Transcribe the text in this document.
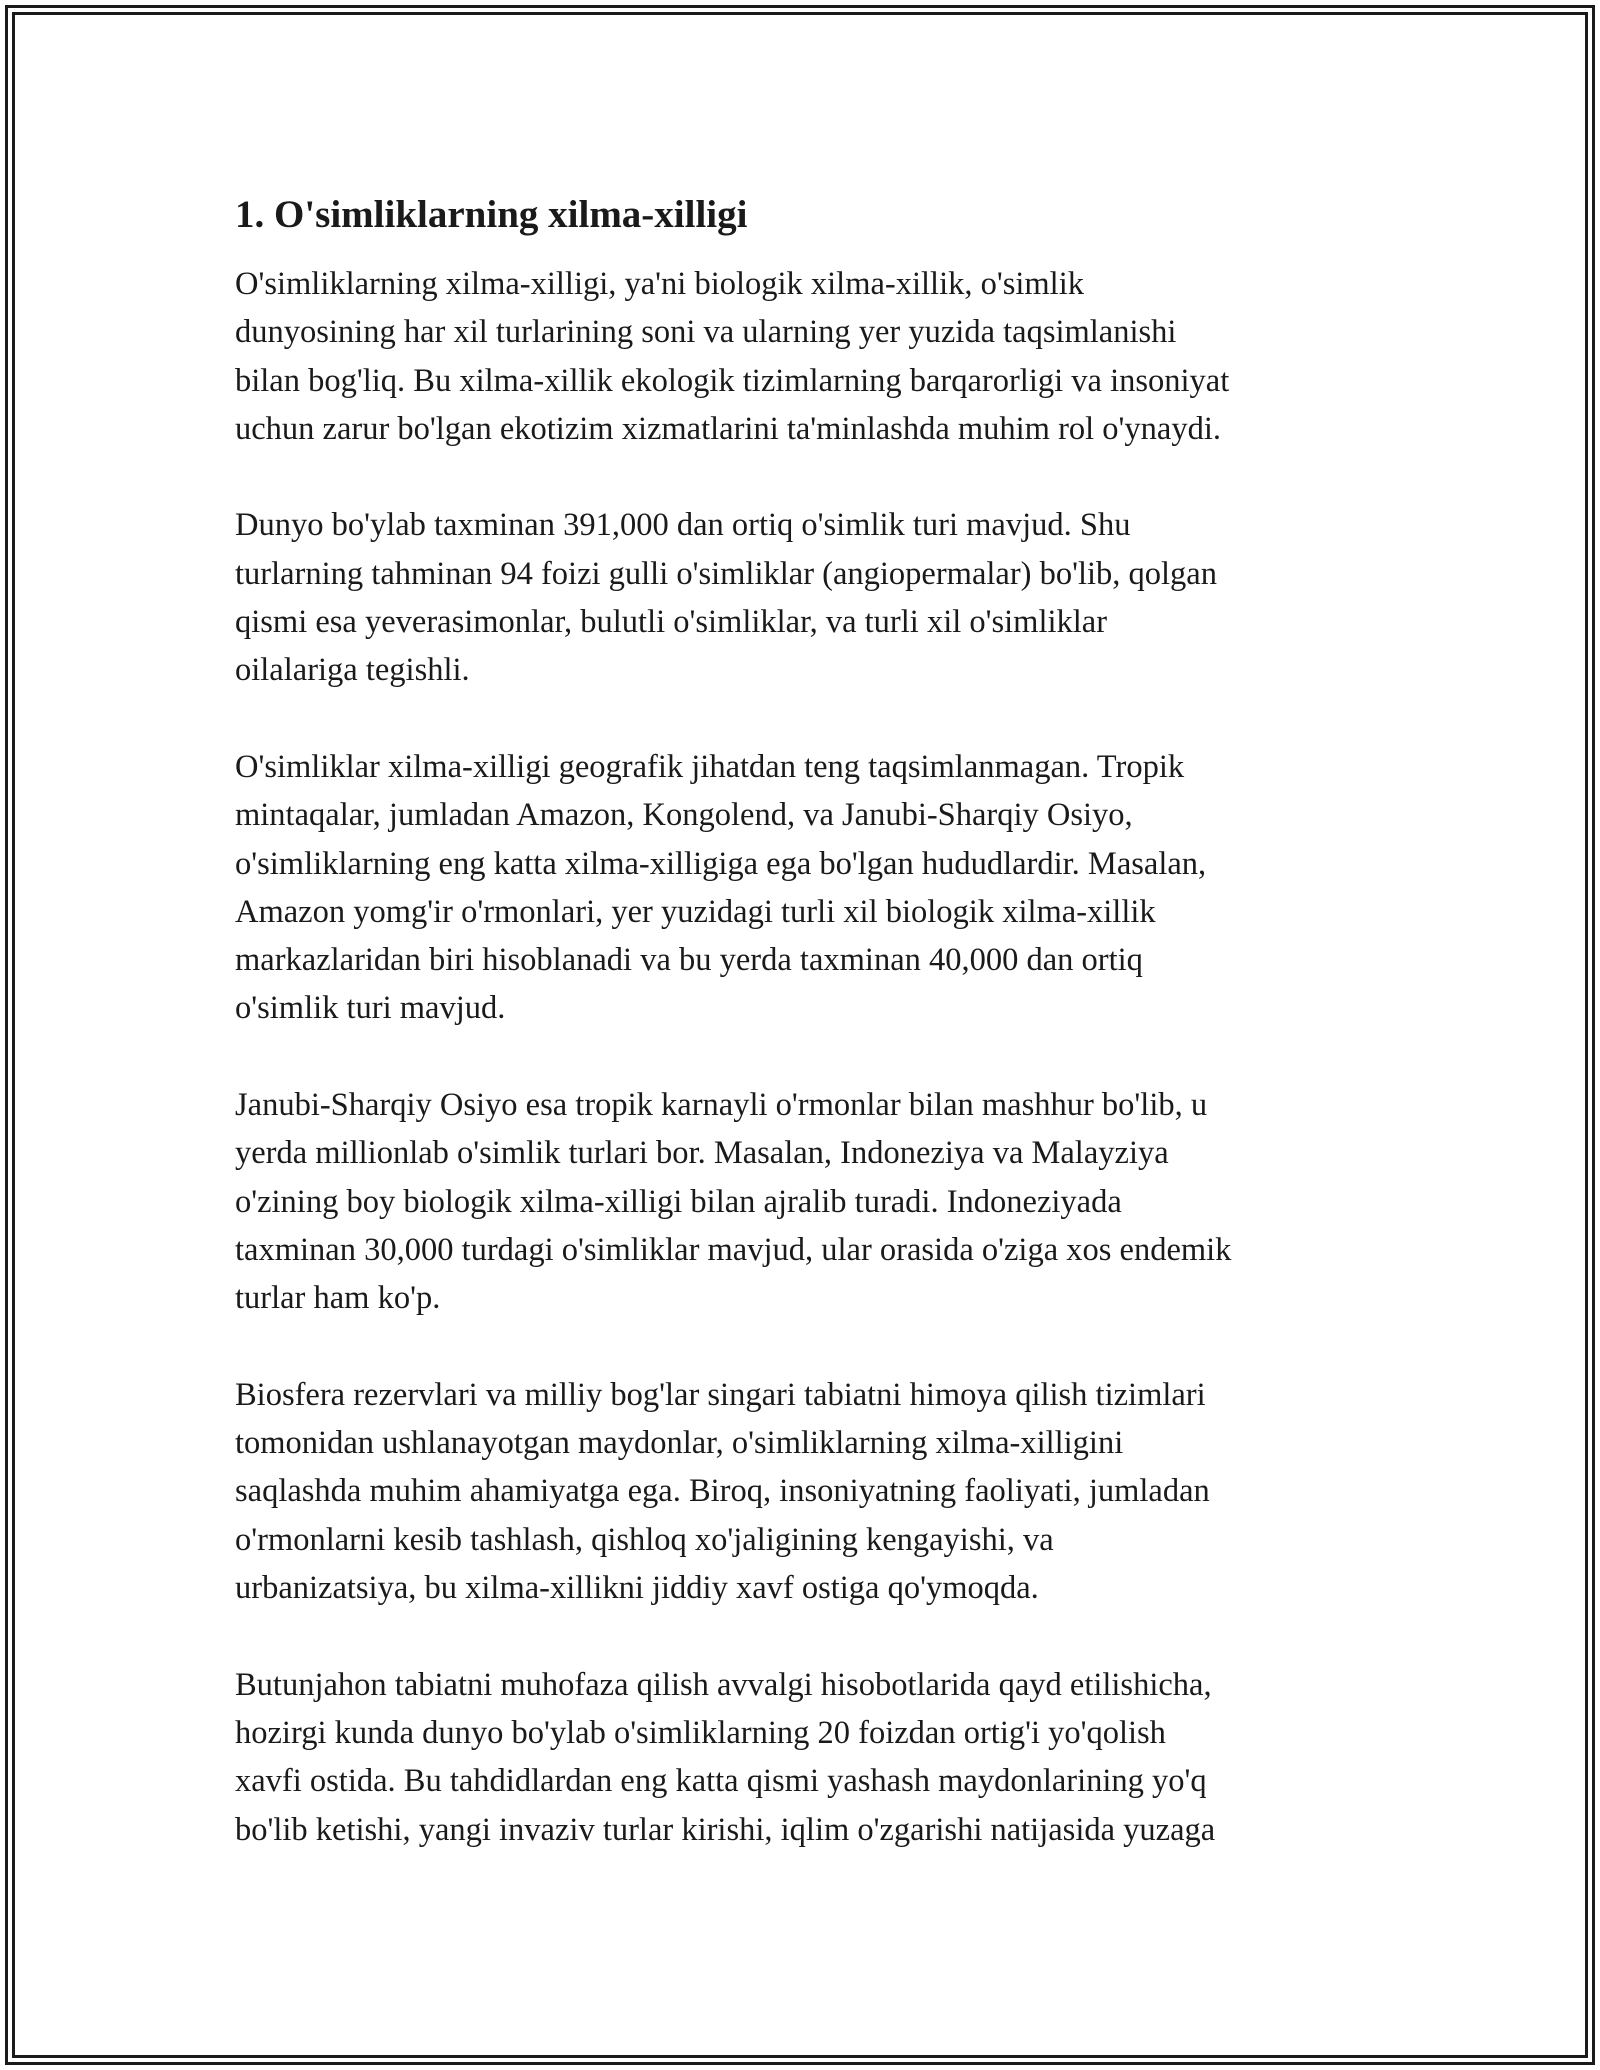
1. O'simliklarning xilma-xilligi

O'simliklarning xilma-xilligi, ya'ni biologik xilma-xillik, o'simlik
dunyosining har xil turlarining soni va ularning yer yuzida taqsimlanishi
bilan bog'liq. Bu xilma-xillik ekologik tizimlarning barqarorligi va insoniyat
uchun zarur bo'lgan ekotizim xizmatlarini ta'minlashda muhim rol o'ynaydi.

Dunyo bo'ylab taxminan 391,000 dan ortiq o'simlik turi mavjud. Shu
turlarning tahminan 94 foizi gulli o'simliklar (angiopermalar) bo'lib, qolgan
qismi esa yeverasimonlar, bulutli o'simliklar, va turli xil o'simliklar
oilalariga tegishli.

O'simliklar xilma-xilligi geografik jihatdan teng taqsimlanmagan. Tropik
mintaqalar, jumladan Amazon, Kongolend, va Janubi-Sharqiy Osiyo,
o'simliklarning eng katta xilma-xilligiga ega bo'lgan hududlardir. Masalan,
Amazon yomg'ir o'rmonlari, yer yuzidagi turli xil biologik xilma-xillik
markazlaridan biri hisoblanadi va bu yerda taxminan 40,000 dan ortiq
o'simlik turi mavjud.

Janubi-Sharqiy Osiyo esa tropik karnayli o'rmonlar bilan mashhur bo'lib, u
yerda millionlab o'simlik turlari bor. Masalan, Indoneziya va Malayziya
o'zining boy biologik xilma-xilligi bilan ajralib turadi. Indoneziyada
taxminan 30,000 turdagi o'simliklar mavjud, ular orasida o'ziga xos endemik
turlar ham ko'p.

Biosfera rezervlari va milliy bog'lar singari tabiatni himoya qilish tizimlari
tomonidan ushlanayotgan maydonlar, o'simliklarning xilma-xilligini
saqlashda muhim ahamiyatga ega. Biroq, insoniyatning faoliyati, jumladan
o'rmonlarni kesib tashlash, qishloq xo'jaligining kengayishi, va
urbanizatsiya, bu xilma-xillikni jiddiy xavf ostiga qo'ymoqda.

Butunjahon tabiatni muhofaza qilish avvalgi hisobotlarida qayd etilishicha,
hozirgi kunda dunyo bo'ylab o'simliklarning 20 foizdan ortig'i yo'qolish
xavfi ostida. Bu tahdidlardan eng katta qismi yashash maydonlarining yo'q
bo'lib ketishi, yangi invaziv turlar kirishi, iqlim o'zgarishi natijasida yuzaga
